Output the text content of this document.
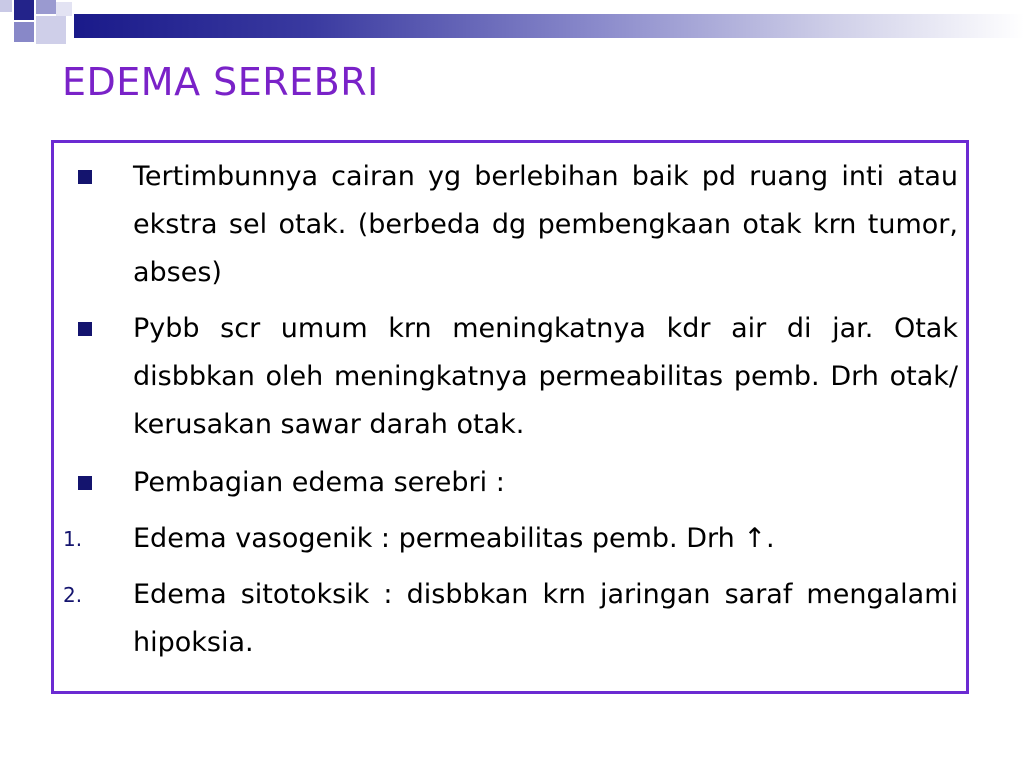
EDEMA SEREBRI

Tertimbunnya cairan yg berlebihan baik pd ruang inti atau ekstra sel otak. (berbeda dg pembengkaan otak krn tumor, abses)

Pybb scr umum krn meningkatnya kdr air di jar. Otak disbbkan oleh meningkatnya permeabilitas pemb. Drh otak/ kerusakan sawar darah otak.

Pembagian edema serebri :

1. Edema vasogenik : permeabilitas pemb. Drh ↑.

2. Edema sitotoksik : disbbkan krn jaringan saraf mengalami hipoksia.
